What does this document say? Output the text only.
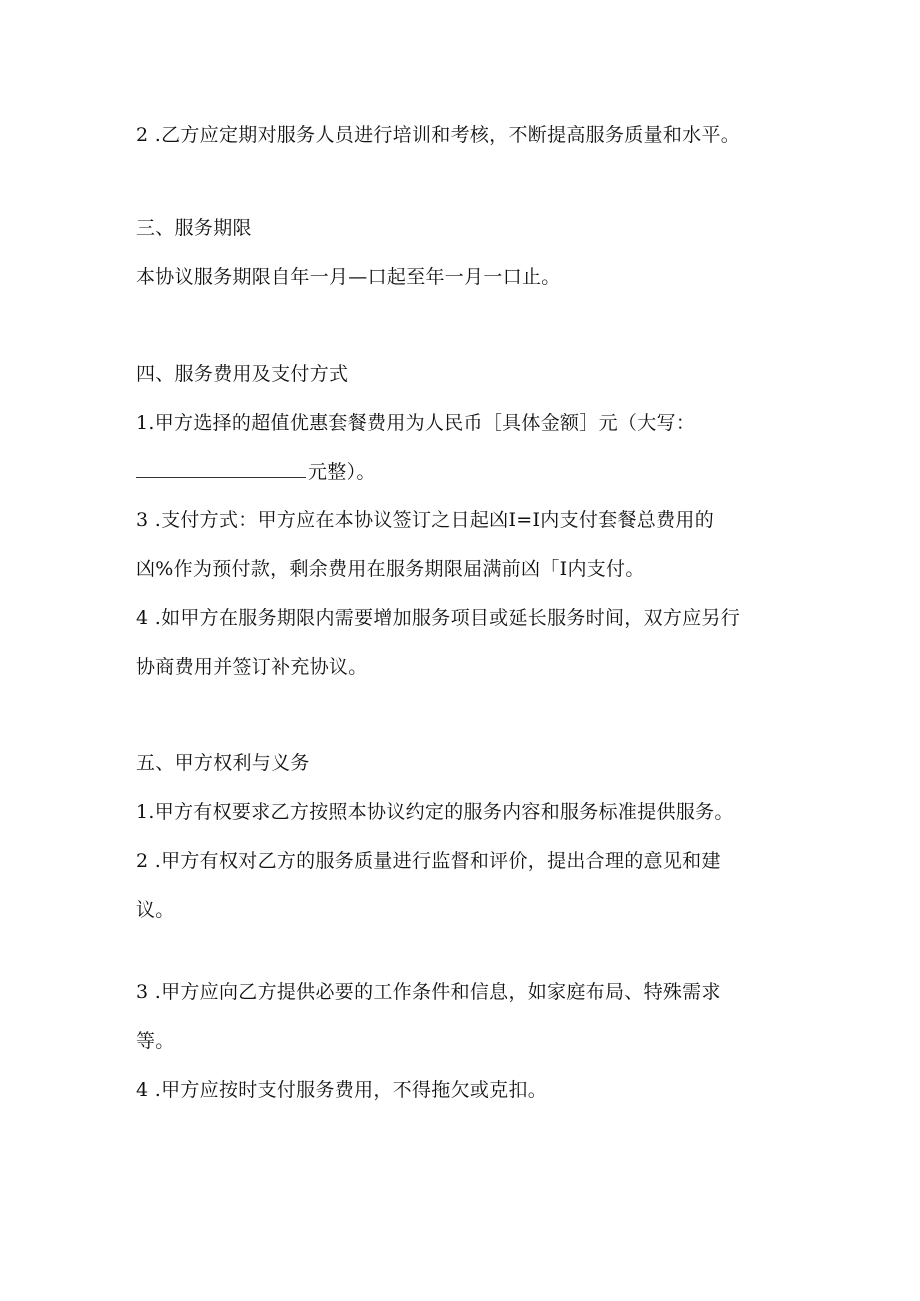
2 .乙方应定期对服务人员进行培训和考核，不断提高服务质量和水平。
三、服务期限
本协议服务期限自年一月—口起至年一月一口止。
四、服务费用及支付方式
1.甲方选择的超值优惠套餐费用为人民币［具体金额］元（大写：
元整）。
3 .支付方式：甲方应在本协议签订之日起凶I=I内支付套餐总费用的
凶%作为预付款，剩余费用在服务期限届满前凶「I内支付。
4 .如甲方在服务期限内需要增加服务项目或延长服务时间，双方应另行
协商费用并签订补充协议。
五、甲方权利与义务
1.甲方有权要求乙方按照本协议约定的服务内容和服务标准提供服务。
2 .甲方有权对乙方的服务质量进行监督和评价，提出合理的意见和建
议。
3 .甲方应向乙方提供必要的工作条件和信息，如家庭布局、特殊需求
等。
4 .甲方应按时支付服务费用，不得拖欠或克扣。
